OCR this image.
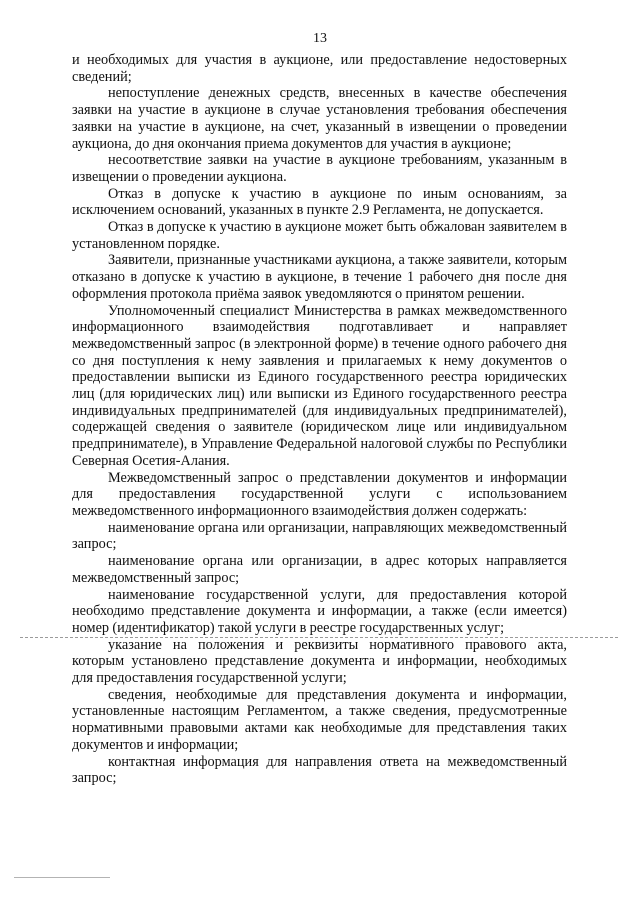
13

и необходимых для участия в аукционе, или предоставление недостоверных сведений;

непоступление денежных средств, внесенных в качестве обеспечения заявки на участие в аукционе в случае установления требования обеспечения заявки на участие в аукционе, на счет, указанный в извещении о проведении аукциона, до дня окончания приема документов для участия в аукционе;

несоответствие заявки на участие в аукционе требованиям, указанным в извещении о проведении аукциона.

Отказ в допуске к участию в аукционе по иным основаниям, за исключением оснований, указанных в пункте 2.9 Регламента, не допускается.

Отказ в допуске к участию в аукционе может быть обжалован заявителем в установленном порядке.

Заявители, признанные участниками аукциона, а также заявители, которым отказано в допуске к участию в аукционе, в течение 1 рабочего дня после дня оформления протокола приёма заявок уведомляются о принятом решении.

Уполномоченный специалист Министерства в рамках межведомственного информационного взаимодействия подготавливает и направляет межведомственный запрос (в электронной форме) в течение одного рабочего дня со дня поступления к нему заявления и прилагаемых к нему документов о предоставлении выписки из Единого государственного реестра юридических лиц (для юридических лиц) или выписки из Единого государственного реестра индивидуальных предпринимателей (для индивидуальных предпринимателей), содержащей сведения о заявителе (юридическом лице или индивидуальном предпринимателе), в Управление Федеральной налоговой службы по Республики Северная Осетия-Алания.

Межведомственный запрос о представлении документов и информации для предоставления государственной услуги с использованием межведомственного информационного взаимодействия должен содержать:

наименование органа или организации, направляющих межведомственный запрос;

наименование органа или организации, в адрес которых направляется межведомственный запрос;

наименование государственной услуги, для предоставления которой необходимо представление документа и информации, а также (если имеется) номер (идентификатор) такой услуги в реестре государственных услуг;

указание на положения и реквизиты нормативного правового акта, которым установлено представление документа и информации, необходимых для предоставления государственной услуги;

сведения, необходимые для представления документа и информации, установленные настоящим Регламентом, а также сведения, предусмотренные нормативными правовыми актами как необходимые для представления таких документов и информации;

контактная информация для направления ответа на межведомственный запрос;
